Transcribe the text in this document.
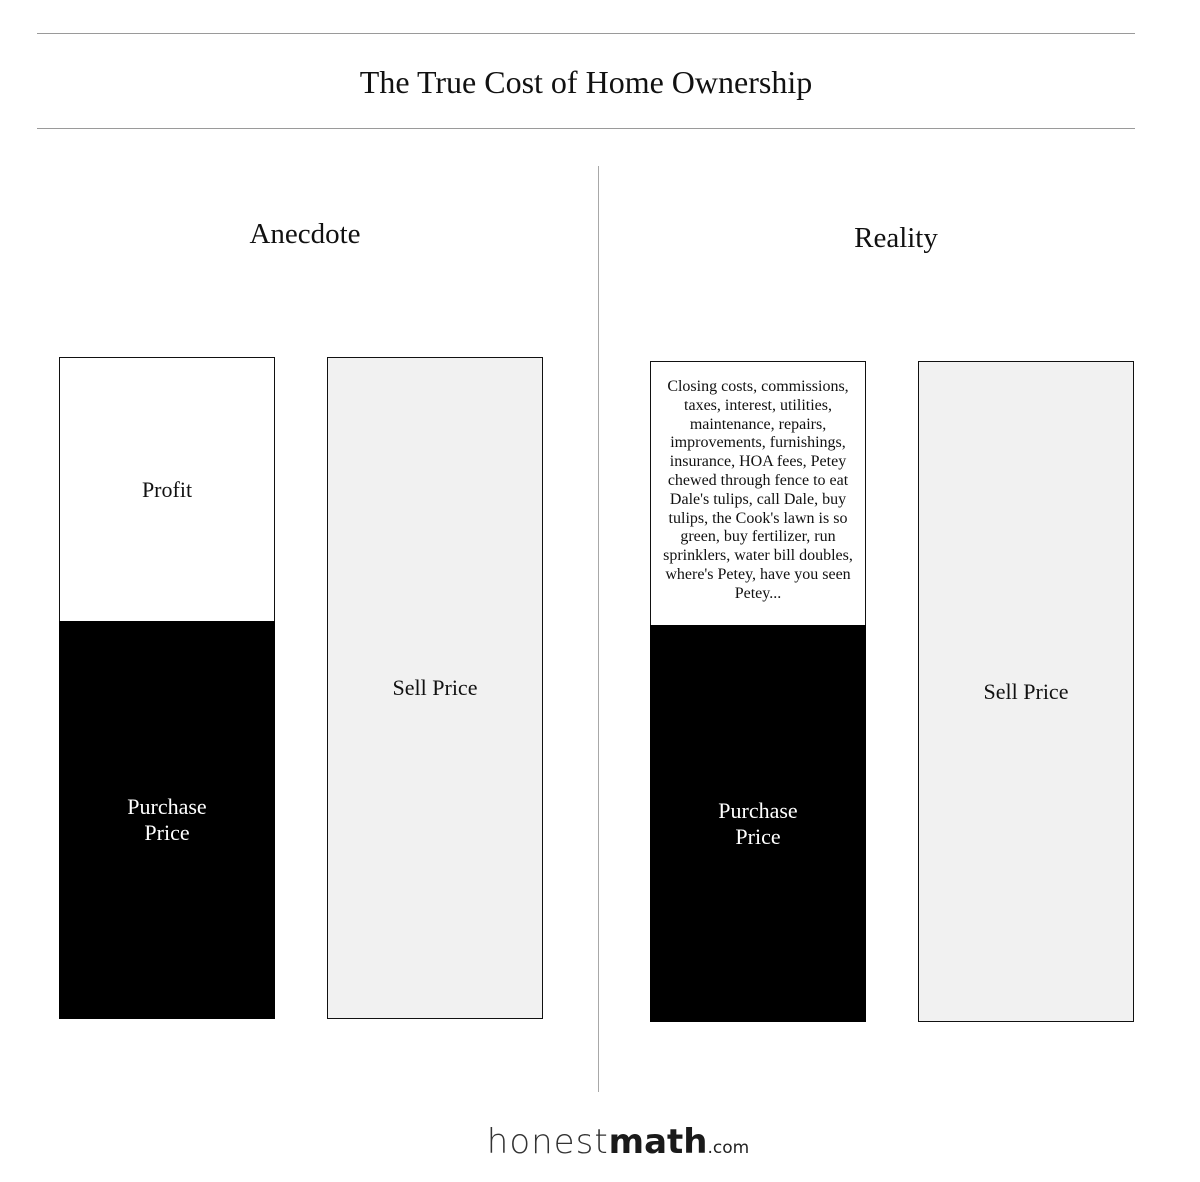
The True Cost of Home Ownership
Anecdote
Profit
Purchase
Price
Sell Price
Reality
Closing costs, commissions, taxes, interest, utilities, maintenance, repairs, improvements, furnishings, insurance, HOA fees, Petey chewed through fence to eat Dale's tulips, call Dale, buy tulips, the Cook's lawn is so green, buy fertilizer, run sprinklers, water bill doubles, where's Petey, have you seen Petey...
Purchase
Price
Sell Price
honestmath.com
